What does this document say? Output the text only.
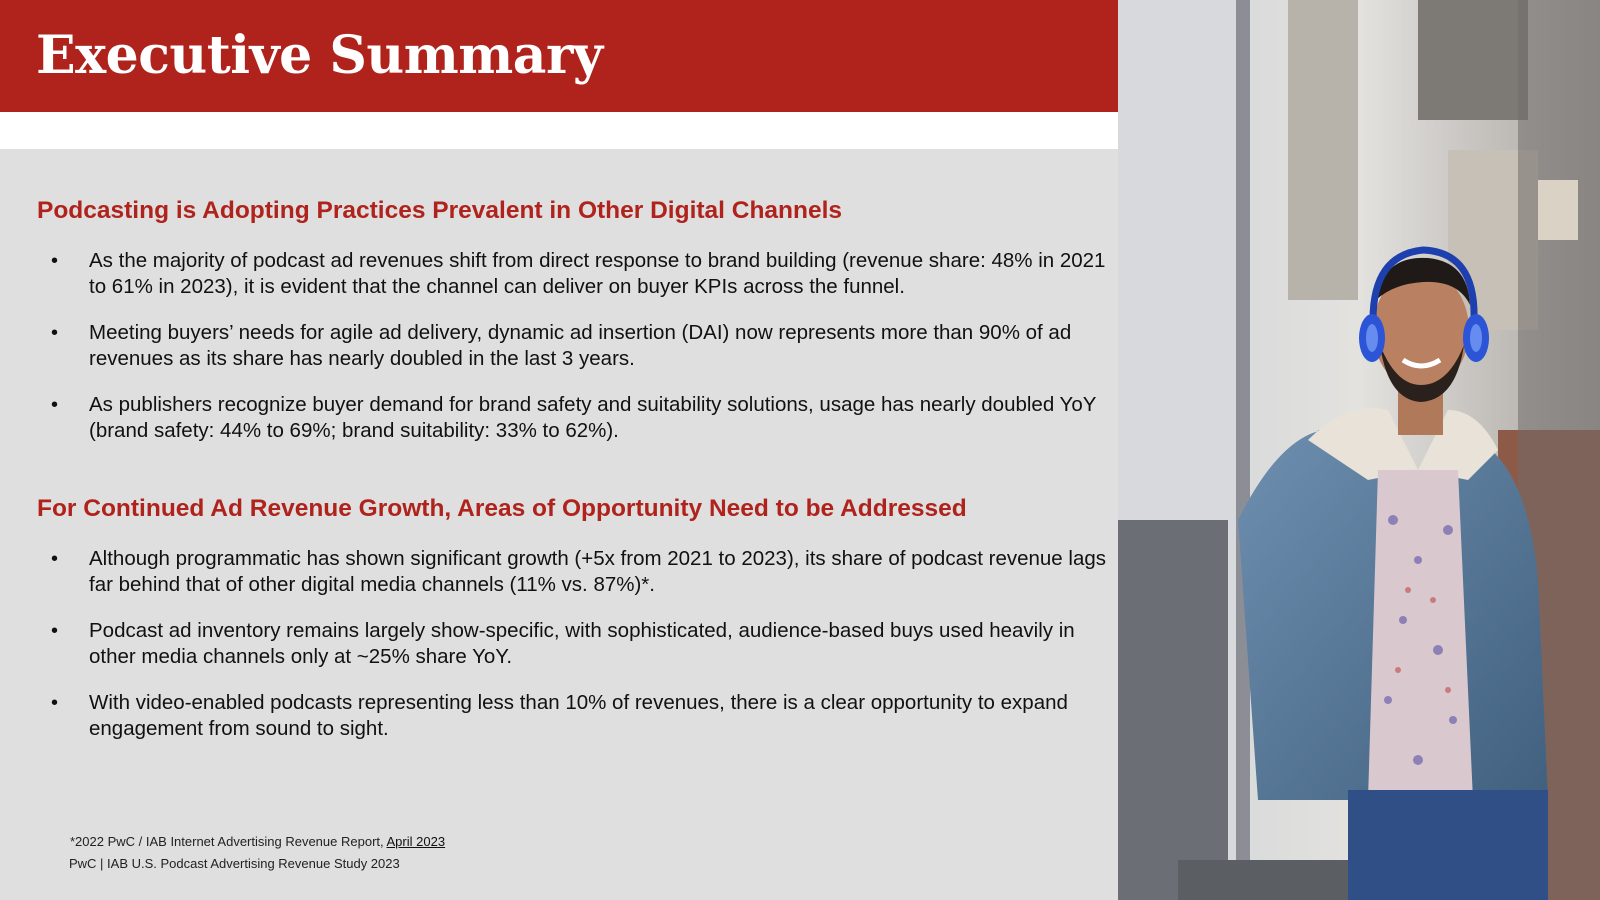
Executive Summary
Podcasting is Adopting Practices Prevalent in Other Digital Channels
• As the majority of podcast ad revenues shift from direct response to brand building (revenue share: 48% in 2021 to 61% in 2023), it is evident that the channel can deliver on buyer KPIs across the funnel.
• Meeting buyers’ needs for agile ad delivery, dynamic ad insertion (DAI) now represents more than 90% of ad revenues as its share has nearly doubled in the last 3 years.
• As publishers recognize buyer demand for brand safety and suitability solutions, usage has nearly doubled YoY (brand safety: 44% to 69%; brand suitability: 33% to 62%).
For Continued Ad Revenue Growth, Areas of Opportunity Need to be Addressed
• Although programmatic has shown significant growth (+5x from 2021 to 2023), its share of podcast revenue lags far behind that of other digital media channels (11% vs. 87%)*.
• Podcast ad inventory remains largely show-specific, with sophisticated, audience-based buys used heavily in other media channels only at ~25% share YoY.
• With video-enabled podcasts representing less than 10% of revenues, there is a clear opportunity to expand engagement from sound to sight.

*2022 PwC / IAB Internet Advertising Revenue Report, April 2023

PwC | IAB U.S. Podcast Advertising Revenue Study 2023
